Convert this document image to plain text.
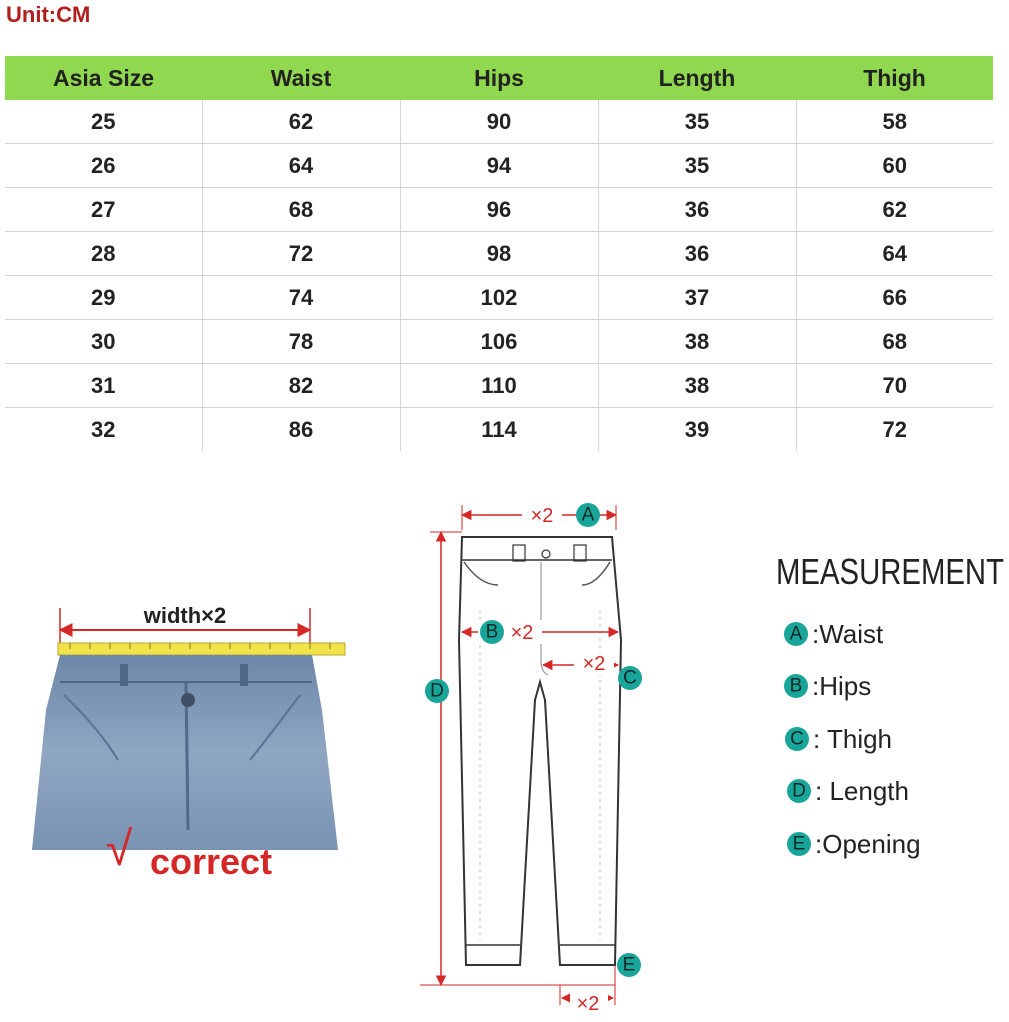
Unit:CM
Asia Size	Waist	Hips	Length	Thigh
25	62	90	35	58
26	64	94	35	60
27	68	96	36	62
28	72	98	36	64
29	74	102	37	66
30	78	106	38	68
31	82	110	38	70
32	86	114	39	72
width×2
√ correct
×2 A
B ×2
×2
C
D
×2
E
MEASUREMENT
A :Waist
B :Hips
C : Thigh
D : Length
E :Opening
